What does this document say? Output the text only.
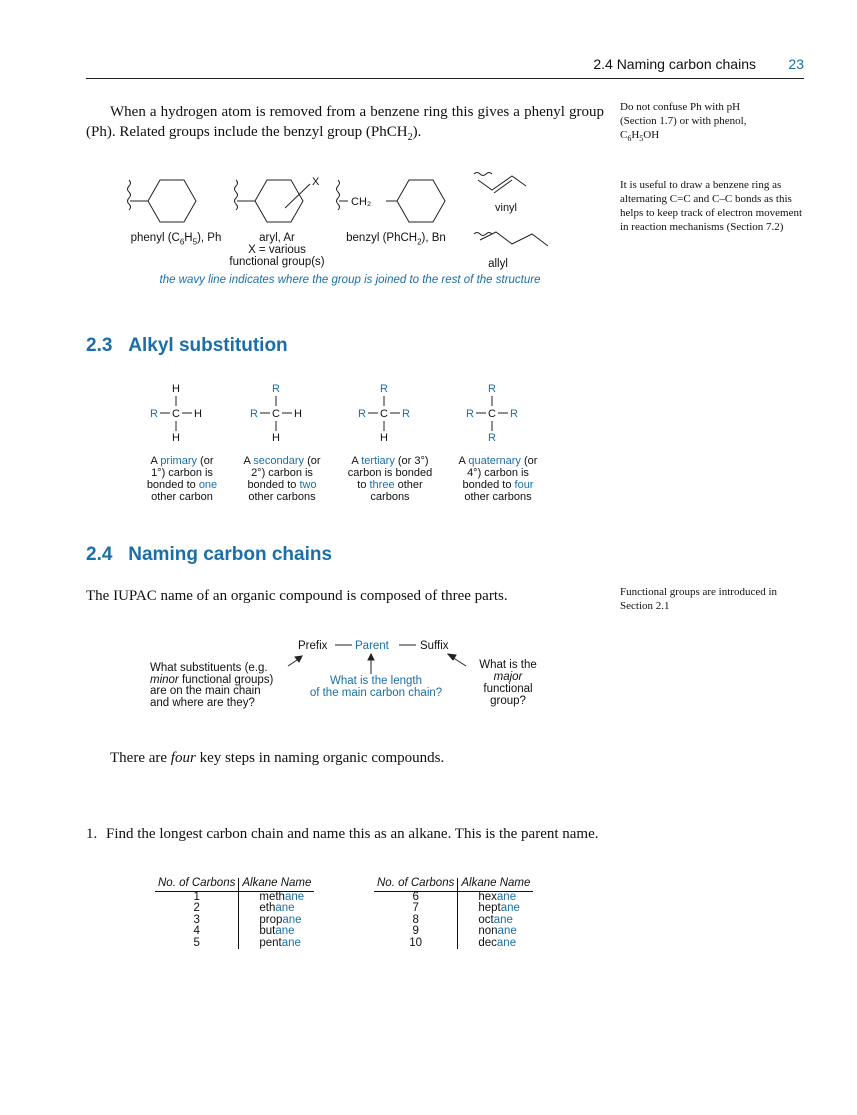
2.4 Naming carbon chains 23
When a hydrogen atom is removed from a benzene ring this gives a phenyl group (Ph). Related groups include the benzyl group (PhCH$_2$).
Do not confuse Ph with pH
(Section 1.7) or with phenol,
$C_6H_5OH$
It is useful to draw a benzene ring as alternating C=C and C–C bonds as this helps to keep track of electron movement in reaction mechanisms (Section 7.2)
X
CH₂	vinyl
phenyl $(C_6H_5)$, Ph	aryl, Ar
X = various
functional group(s)
benzyl (PhCH$_2$), Bn
allyl
the wavy line indicates where the group is joined to the rest of the structure
2.3 Alkyl substitution
H
R C H
H
R
R C H
H
R
R C R
H
R
R C R
R
A primary (or
1°) carbon is
bonded to one
other carbon
A secondary (or
2°) carbon is
bonded to two
other carbons
A tertiary (or 3°)
carbon is bonded
to three other
carbons
A quaternary (or
4°) carbon is
bonded to four
other carbons
2.4 Naming carbon chains
The IUPAC name of an organic compound is composed of three parts.	Functional groups are introduced in Section 2.1
Prefix Parent	Suffix
What substituents (e.g.
minor functional groups)
are on the main chain
and where are they?
What is the length
of the main carbon chain?
What is the
major
functional
group?
There are four key steps in naming organic compounds.
1. Find the longest carbon chain and name this as an alkane. This is the parent name.
No. of Carbons	Alkane Name
1	methane
2	ethane
3	propane
4	butane
5	pentane
No. of Carbons	Alkane Name
6	hexane
7	heptane
8	octane
9	nonane
10	decane
